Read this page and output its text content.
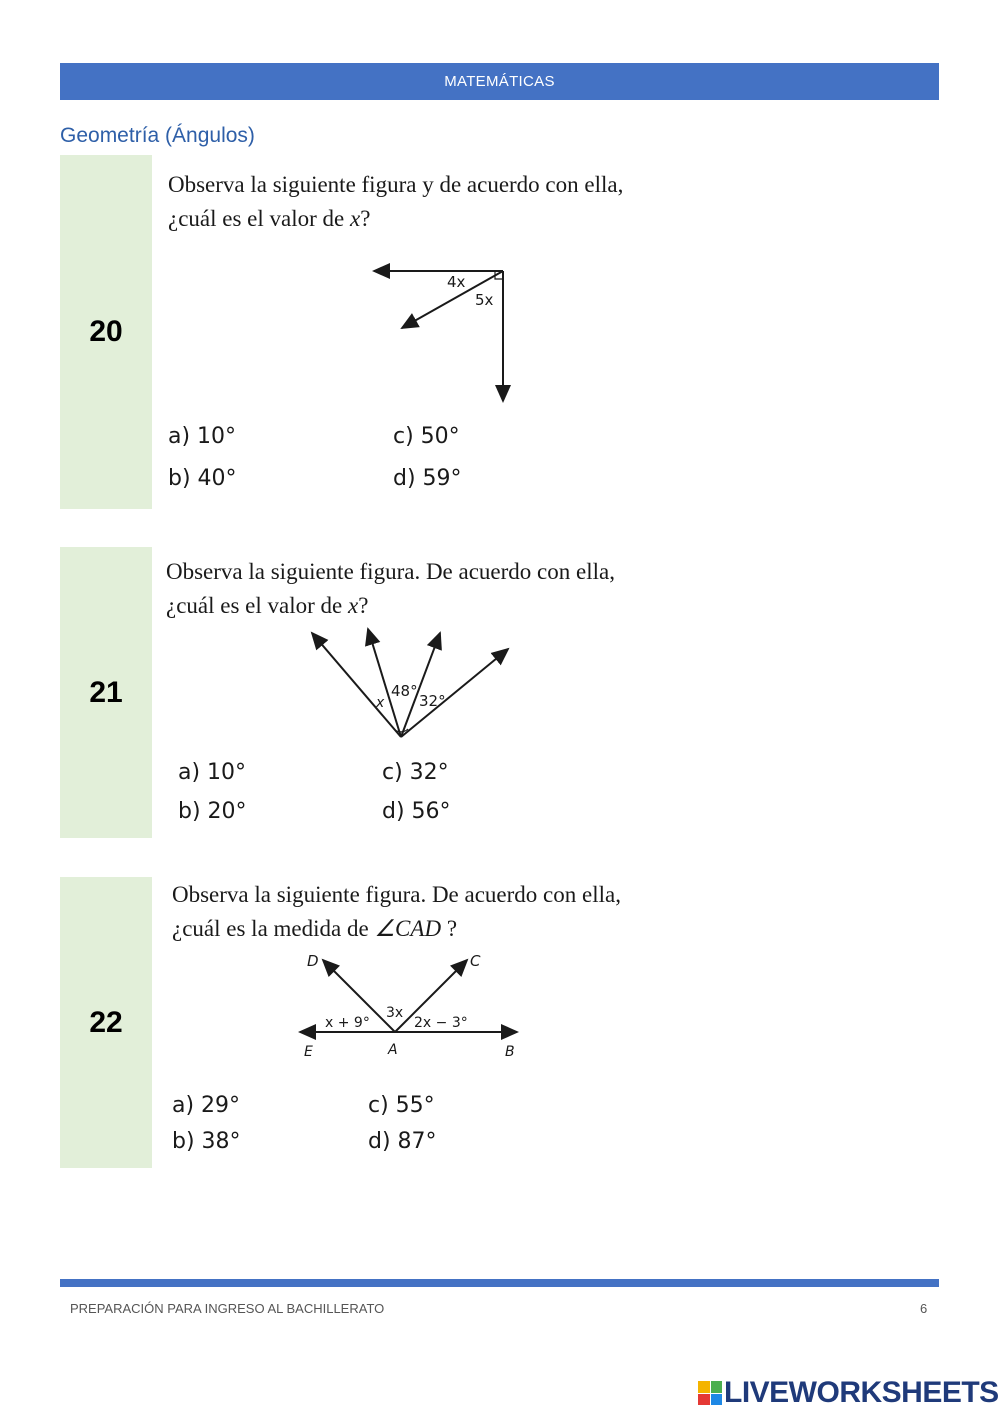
MATEMÁTICAS
Geometría (Ángulos)
20
Observa la siguiente figura y de acuerdo con ella,
¿cuál es el valor de x?
4x
5x
a) 10°	c) 50°
b) 40°	d) 59°
21
Observa la siguiente figura. De acuerdo con ella,
¿cuál es el valor de x?
x
48°
32°
a) 10°	c) 32°
b) 20°	d) 56°
22
Observa la siguiente figura. De acuerdo con ella,
¿cuál es la medida de ∠CAD ?
D	C
3x
x + 9°	2x − 3°
E	A	B
a) 29°	c) 55°
b) 38°	d) 87°
PREPARACIÓN PARA INGRESO AL BACHILLERATO	6
LIVEWORKSHEETS
